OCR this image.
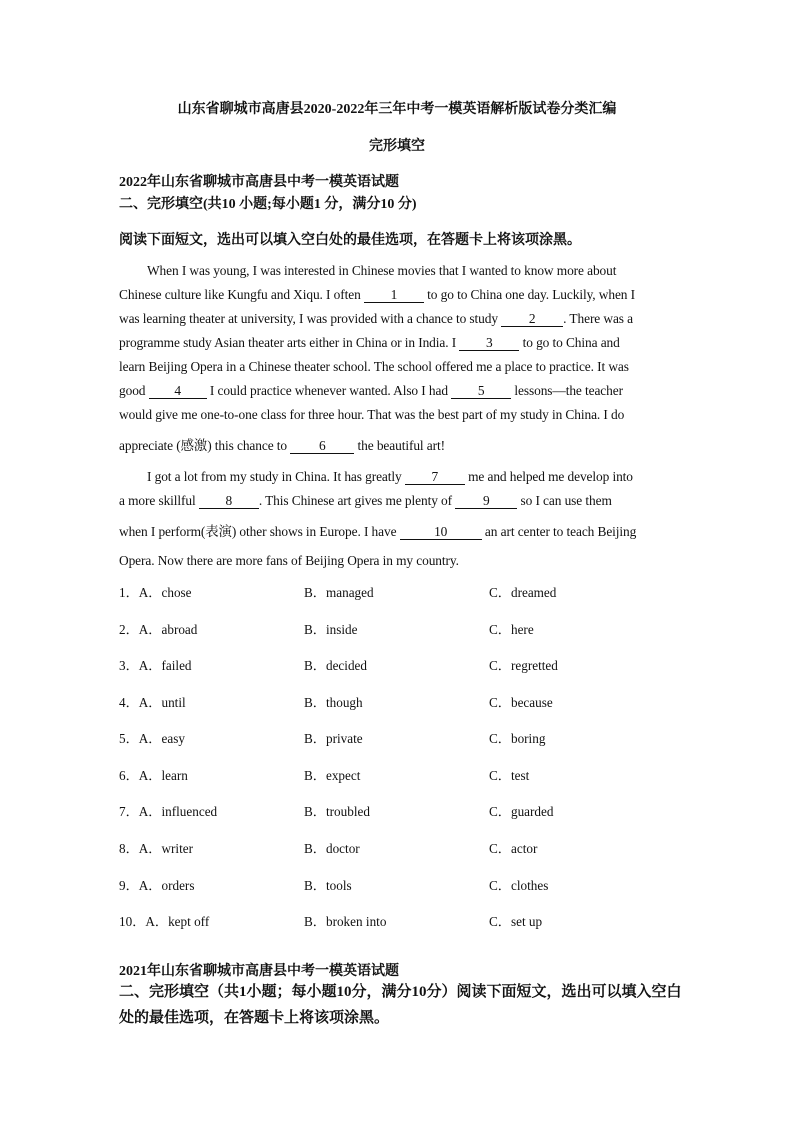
山东省聊城市高唐县2020-2022年三年中考一模英语解析版试卷分类汇编
完形填空
2022年山东省聊城市高唐县中考一模英语试题
二、完形填空(共10 小题;每小题1 分，满分10 分)
阅读下面短文，选出可以填入空白处的最佳选项，在答题卡上将该项涂黑。
When I was young, I was interested in Chinese movies that I wanted to know more about
Chinese culture like Kungfu and Xiqu. I often 1 to go to China one day. Luckily, when I
was learning theater at university, I was provided with a chance to study 2 . There was a
programme study Asian theater arts either in China or in India. I 3 to go to China and
learn Beijing Opera in a Chinese theater school. The school offered me a place to practice. It was
good 4 I could practice whenever wanted. Also I had 5 lessons—the teacher
would give me one-to-one class for three hour. That was the best part of my study in China. I do
appreciate (感激) this chance to 6 the beautiful art!
I got a lot from my study in China. It has greatly 7 me and helped me develop into
a more skillful 8 . This Chinese art gives me plenty of 9 so I can use them
when I perform(表演) other shows in Europe. I have	10	an art center to teach Beijing
Opera. Now there are more fans of Beijing Opera in my country.
1．A．chose	B．managed	C．dreamed
2．A．abroad	B．inside	C．here
3．A．failed	B．decided	C．regretted
4．A．until	B．though	C．because
5．A．easy	B．private	C．boring
6．A．learn	B．expect	C．test
7．A．influenced	B．troubled	C．guarded
8．A．writer	B．doctor	C．actor
9．A．orders	B．tools	C．clothes
10．A．kept off	B．broken into	C．set up
2021年山东省聊城市高唐县中考一模英语试题
二、完形填空（共1小题；每小题10分，满分10分）阅读下面短文，选出可以填入空白
处的最佳选项，在答题卡上将该项涂黑。
